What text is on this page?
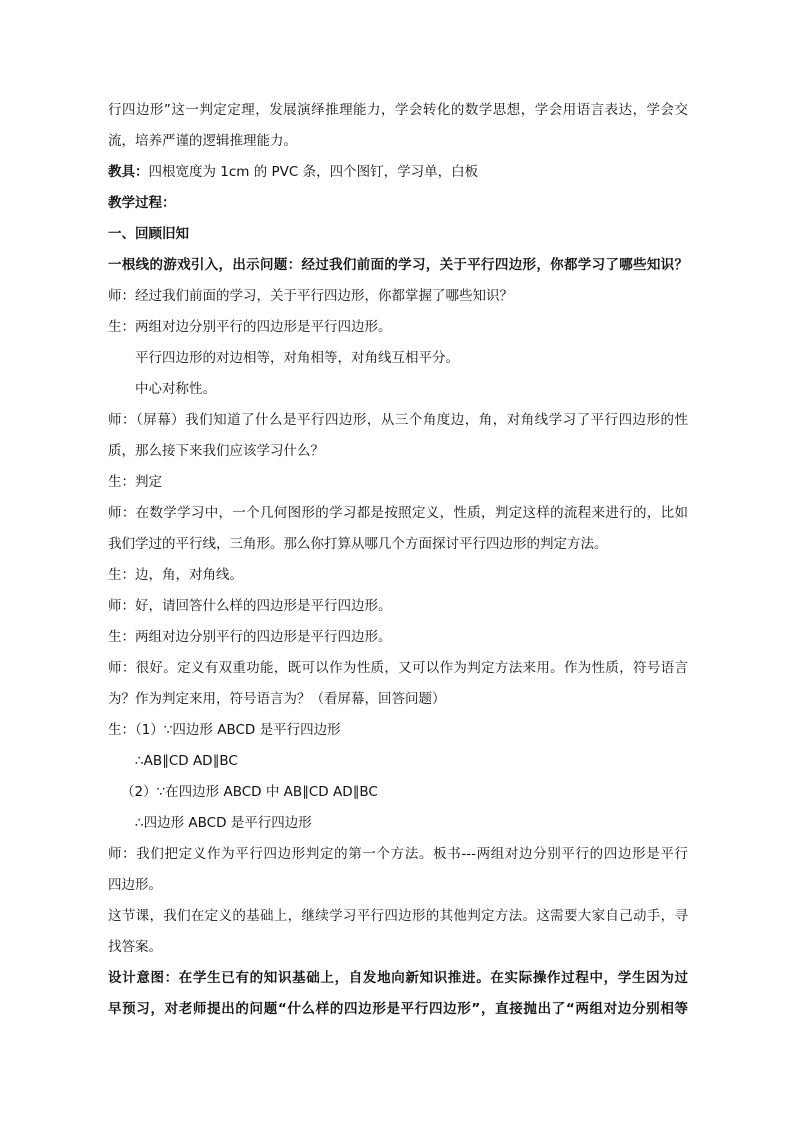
行四边形”这一判定定理，发展演绎推理能力，学会转化的数学思想，学会用语言表达，学会交
流，培养严谨的逻辑推理能力。
教具：四根宽度为 1cm 的 PVC 条，四个图钉，学习单，白板
教学过程：
一、回顾旧知
一根线的游戏引入，出示问题：经过我们前面的学习，关于平行四边形，你都学习了哪些知识？
师：经过我们前面的学习，关于平行四边形，你都掌握了哪些知识？
生：两组对边分别平行的四边形是平行四边形。
平行四边形的对边相等，对角相等，对角线互相平分。
中心对称性。
师：（屏幕）我们知道了什么是平行四边形，从三个角度边，角，对角线学习了平行四边形的性
质，那么接下来我们应该学习什么？
生：判定
师：在数学学习中，一个几何图形的学习都是按照定义，性质，判定这样的流程来进行的，比如
我们学过的平行线，三角形。那么你打算从哪几个方面探讨平行四边形的判定方法。
生：边，角，对角线。
师：好，请回答什么样的四边形是平行四边形。
生：两组对边分别平行的四边形是平行四边形。
师：很好。定义有双重功能，既可以作为性质，又可以作为判定方法来用。作为性质，符号语言
为？作为判定来用，符号语言为？（看屏幕，回答问题）
生：（1）∵四边形 ABCD 是平行四边形
∴AB∥CD AD∥BC
（2）∵在四边形 ABCD 中 AB∥CD AD∥BC
∴四边形 ABCD 是平行四边形
师：我们把定义作为平行四边形判定的第一个方法。板书---两组对边分别平行的四边形是平行
四边形。
这节课，我们在定义的基础上，继续学习平行四边形的其他判定方法。这需要大家自己动手，寻
找答案。
设计意图：在学生已有的知识基础上，自发地向新知识推进。在实际操作过程中，学生因为过
早预习，对老师提出的问题“什么样的四边形是平行四边形”，直接抛出了“两组对边分别相等
